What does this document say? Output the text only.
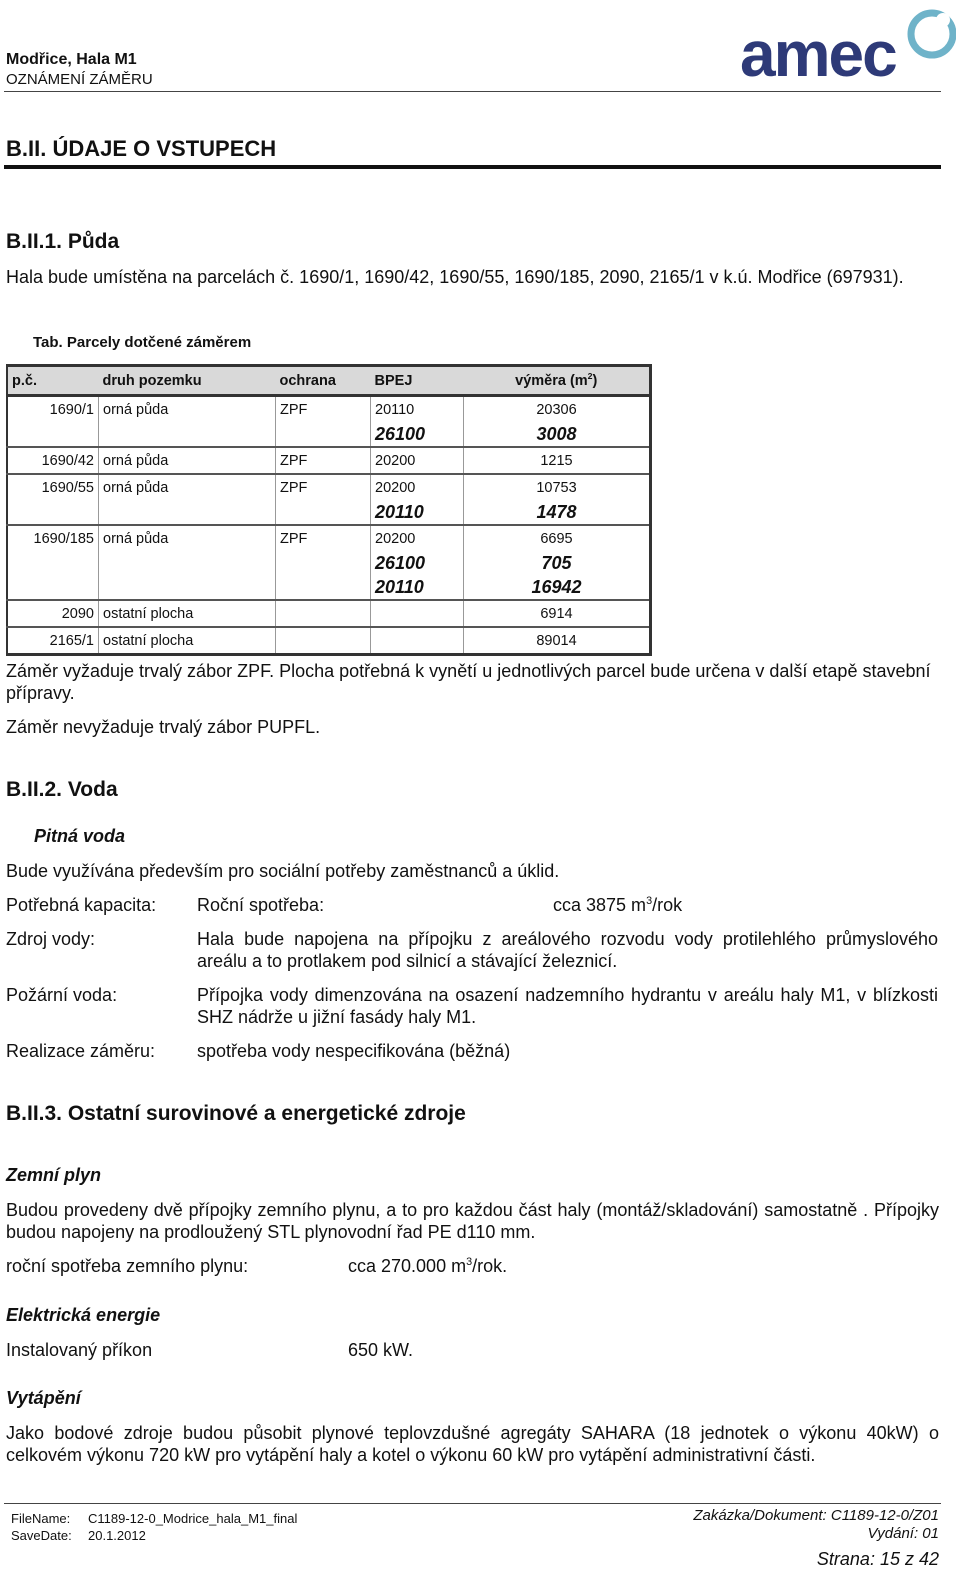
Modřice, Hala M1
OZNÁMENÍ ZÁMĚRU	amec
B.II. ÚDAJE O VSTUPECH
B.II.1. Půda
Hala bude umístěna na parcelách č. 1690/1, 1690/42, 1690/55, 1690/185, 2090, 2165/1 v k.ú. Modřice (697931).
Tab. Parcely dotčené záměrem
p.č.	druh pozemku	ochrana	BPEJ	výměra $(m^2)$
1690/1	orná půda	ZPF	20110	20306
			26100	3008
1690/42	orná půda	ZPF	20200	1215
1690/55	orná půda	ZPF	20200	10753
			20110	1478
1690/185	orná půda	ZPF	20200	6695
			26100	705
			20110	16942
2090	ostatní plocha			6914
2165/1	ostatní plocha			89014
Záměr vyžaduje trvalý zábor ZPF. Plocha potřebná k vynětí u jednotlivých parcel bude určena v další etapě stavební přípravy.
Záměr nevyžaduje trvalý zábor PUPFL.
B.II.2. Voda
Pitná voda
Bude využívána především pro sociální potřeby zaměstnanců a úklid.
Potřebná kapacita: Roční spotřeba:	cca 3875 $m^3$/rok
Zdroj vody:	Hala bude napojena na přípojku z areálového rozvodu vody protilehlého průmyslového areálu a to protlakem pod silnicí a stávající železnicí.
Požární voda:	Přípojka vody dimenzována na osazení nadzemního hydrantu v areálu haly M1, v blízkosti SHZ nádrže u jižní fasády haly M1.
Realizace záměru: spotřeba vody nespecifikována (běžná)
B.II.3. Ostatní surovinové a energetické zdroje
Zemní plyn
Budou provedeny dvě přípojky zemního plynu, a to pro každou část haly (montáž/skladování) samostatně . Přípojky budou napojeny na prodloužený STL plynovodní řad PE d110 mm.
roční spotřeba zemního plynu:	cca 270.000 $m^3$/rok.
Elektrická energie
Instalovaný příkon	650 kW.
Vytápění
Jako bodové zdroje budou působit plynové teplovzdušné agregáty SAHARA (18 jednotek o výkonu 40kW) o celkovém výkonu 720 kW pro vytápění haly a kotel o výkonu 60 kW pro vytápění administrativní části.
FileName: C1189-12-0_Modrice_hala_M1_final
SaveDate: 20.1.2012
Zakázka/Dokument: C1189-12-0/Z01
Vydání: 01
Strana: 15 z 42
